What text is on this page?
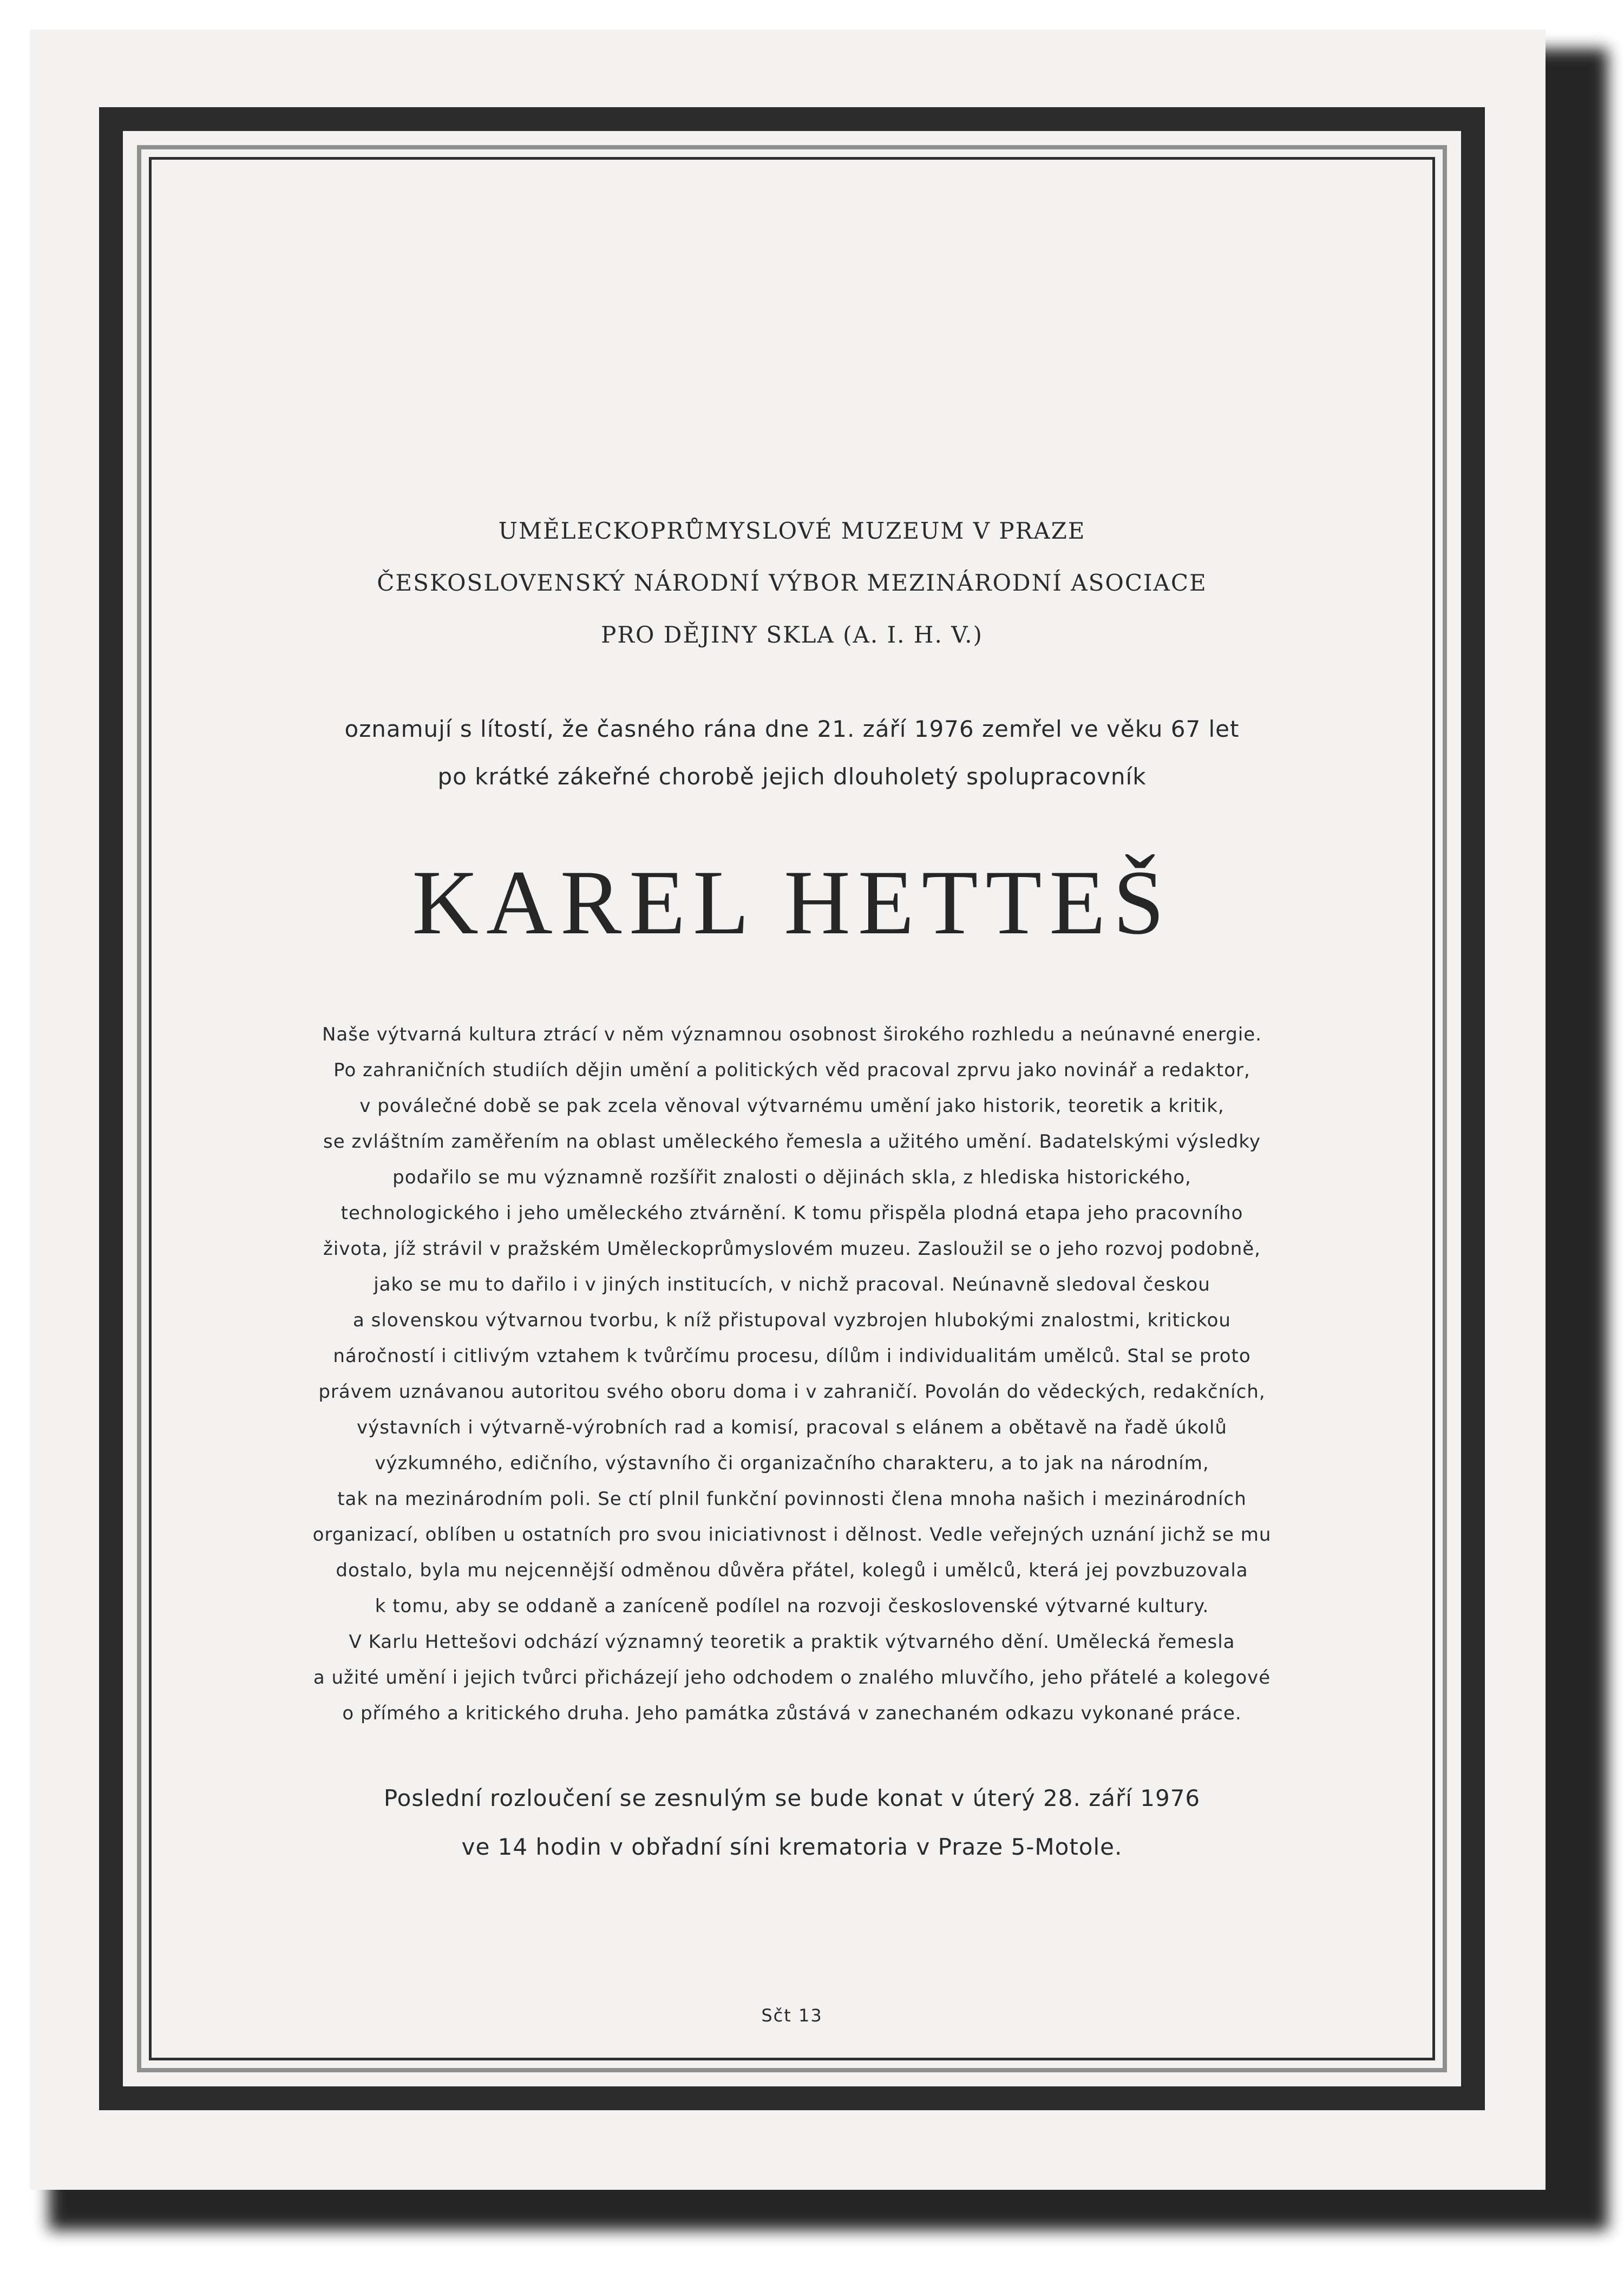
UMĚLECKOPRŮMYSLOVÉ MUZEUM V PRAZE
ČESKOSLOVENSKÝ NÁRODNÍ VÝBOR MEZINÁRODNÍ ASOCIACE
PRO DĚJINY SKLA (A. I. H. V.)
oznamují s lítostí, že časného rána dne 21. září 1976 zemřel ve věku 67 let
po krátké zákeřné chorobě jejich dlouholetý spolupracovník
KAREL HETTEŠ
Naše výtvarná kultura ztrácí v něm významnou osobnost širokého rozhledu a neúnavné energie.
Po zahraničních studiích dějin umění a politických věd pracoval zprvu jako novinář a redaktor,
v poválečné době se pak zcela věnoval výtvarnému umění jako historik, teoretik a kritik,
se zvláštním zaměřením na oblast uměleckého řemesla a užitého umění. Badatelskými výsledky
podařilo se mu významně rozšířit znalosti o dějinách skla, z hlediska historického,
technologického i jeho uměleckého ztvárnění. K tomu přispěla plodná etapa jeho pracovního
života, jíž strávil v pražském Uměleckoprůmyslovém muzeu. Zasloužil se o jeho rozvoj podobně,
jako se mu to dařilo i v jiných institucích, v nichž pracoval. Neúnavně sledoval českou
a slovenskou výtvarnou tvorbu, k níž přistupoval vyzbrojen hlubokými znalostmi, kritickou
náročností i citlivým vztahem k tvůrčímu procesu, dílům i individualitám umělců. Stal se proto
právem uznávanou autoritou svého oboru doma i v zahraničí. Povolán do vědeckých, redakčních,
výstavních i výtvarně-výrobních rad a komisí, pracoval s elánem a obětavě na řadě úkolů
výzkumného, edičního, výstavního či organizačního charakteru, a to jak na národním,
tak na mezinárodním poli. Se ctí plnil funkční povinnosti člena mnoha našich i mezinárodních
organizací, oblíben u ostatních pro svou iniciativnost i dělnost. Vedle veřejných uznání jichž se mu
dostalo, byla mu nejcennější odměnou důvěra přátel, kolegů i umělců, která jej povzbuzovala
k tomu, aby se oddaně a zaníceně podílel na rozvoji československé výtvarné kultury.
V Karlu Hettešovi odchází významný teoretik a praktik výtvarného dění. Umělecká řemesla
a užité umění i jejich tvůrci přicházejí jeho odchodem o znalého mluvčího, jeho přátelé a kolegové
o přímého a kritického druha. Jeho památka zůstává v zanechaném odkazu vykonané práce.
Poslední rozloučení se zesnulým se bude konat v úterý 28. září 1976
ve 14 hodin v obřadní síni krematoria v Praze 5-Motole.
Sčt 13
